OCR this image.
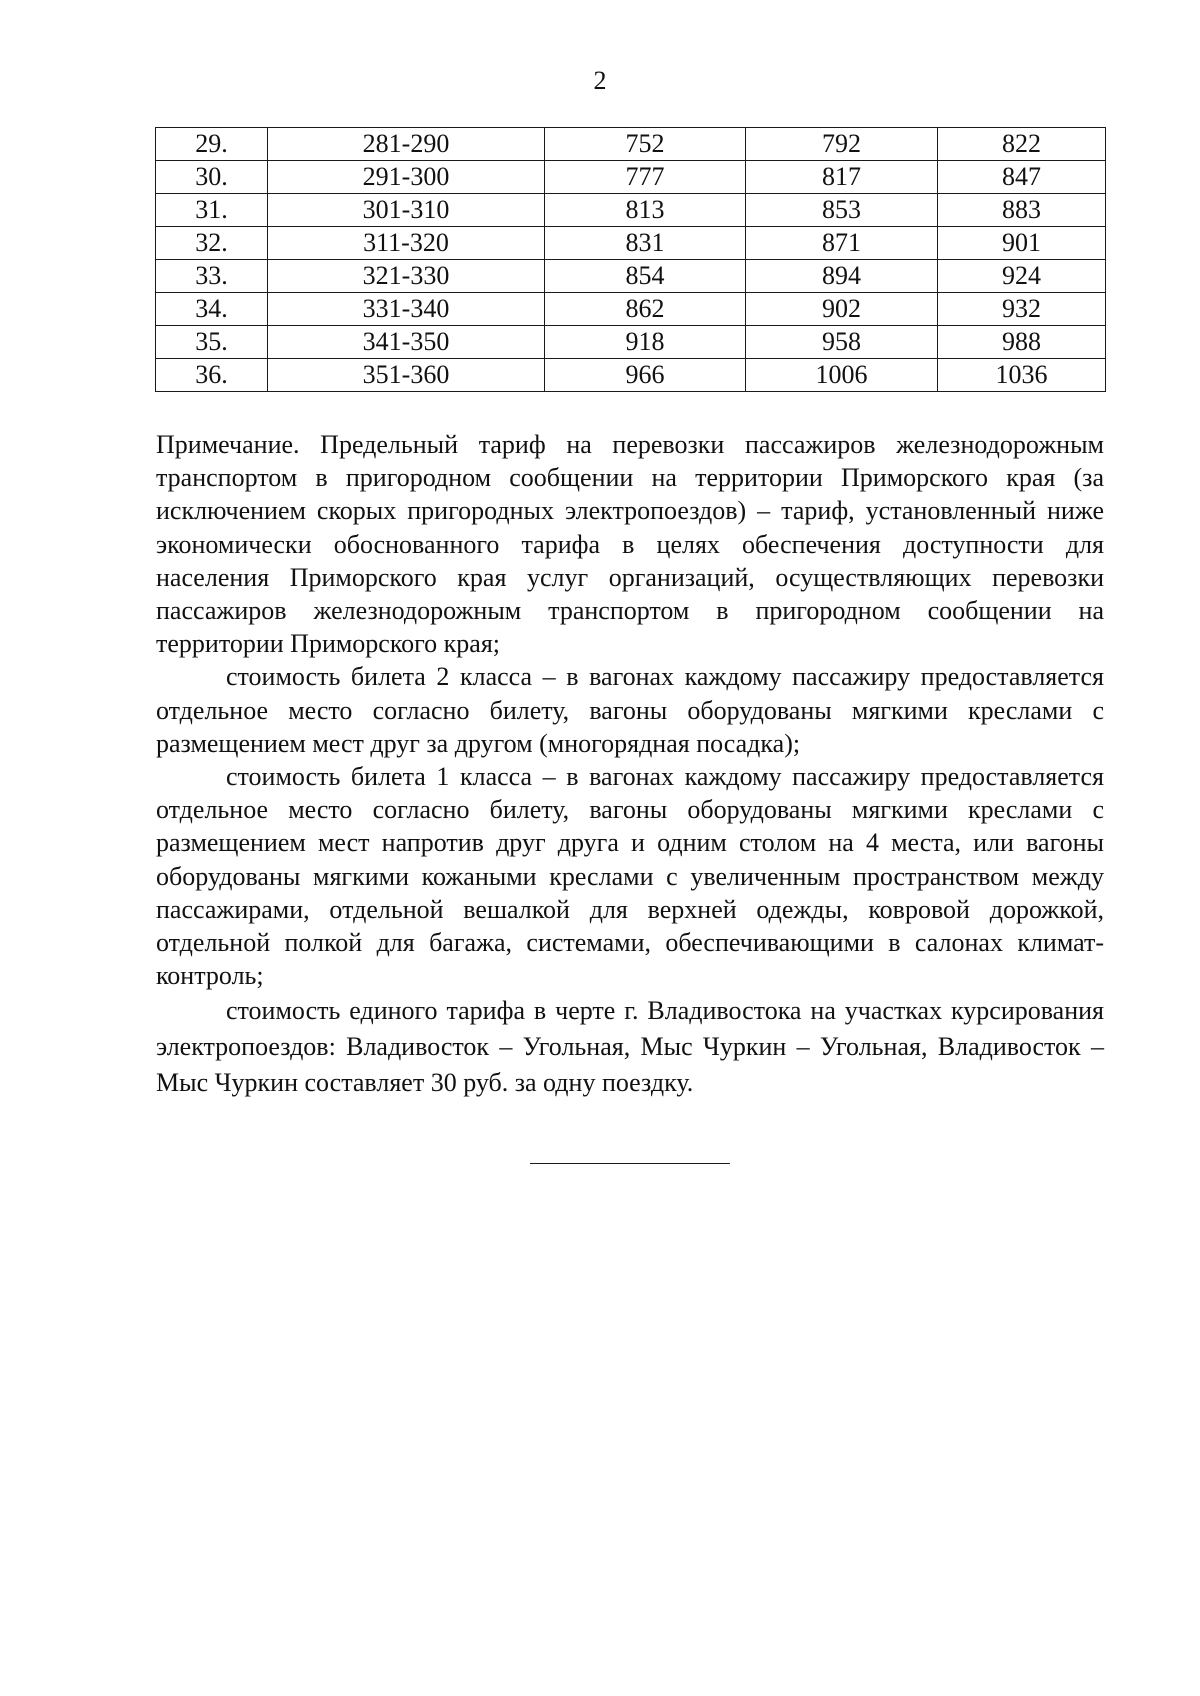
2
29.	281-290	752	792	822
30.	291-300	777	817	847
31.	301-310	813	853	883
32.	311-320	831	871	901
33.	321-330	854	894	924
34.	331-340	862	902	932
35.	341-350	918	958	988
36.	351-360	966	1006	1036

Примечание. Предельный тариф на перевозки пассажиров железнодорожным транспортом в пригородном сообщении на территории Приморского края (за исключением скорых пригородных электропоездов) – тариф, установленный ниже экономически обоснованного тарифа в целях обеспечения доступности для населения Приморского края услуг организаций, осуществляющих перевозки пассажиров железнодорожным транспортом в пригородном сообщении на территории Приморского края;

стоимость билета 2 класса – в вагонах каждому пассажиру предоставляется отдельное место согласно билету, вагоны оборудованы мягкими креслами с размещением мест друг за другом (многорядная посадка);

стоимость билета 1 класса – в вагонах каждому пассажиру предоставляется отдельное место согласно билету, вагоны оборудованы мягкими креслами с размещением мест напротив друг друга и одним столом на 4 места, или вагоны оборудованы мягкими кожаными креслами с увеличенным пространством между пассажирами, отдельной вешалкой для верхней одежды, ковровой дорожкой, отдельной полкой для багажа, системами, обеспечивающими в салонах климат-контроль;

стоимость единого тарифа в черте г. Владивостока на участках курсирования электропоездов: Владивосток – Угольная, Мыс Чуркин – Угольная, Владивосток – Мыс Чуркин составляет 30 руб. за одну поездку.
